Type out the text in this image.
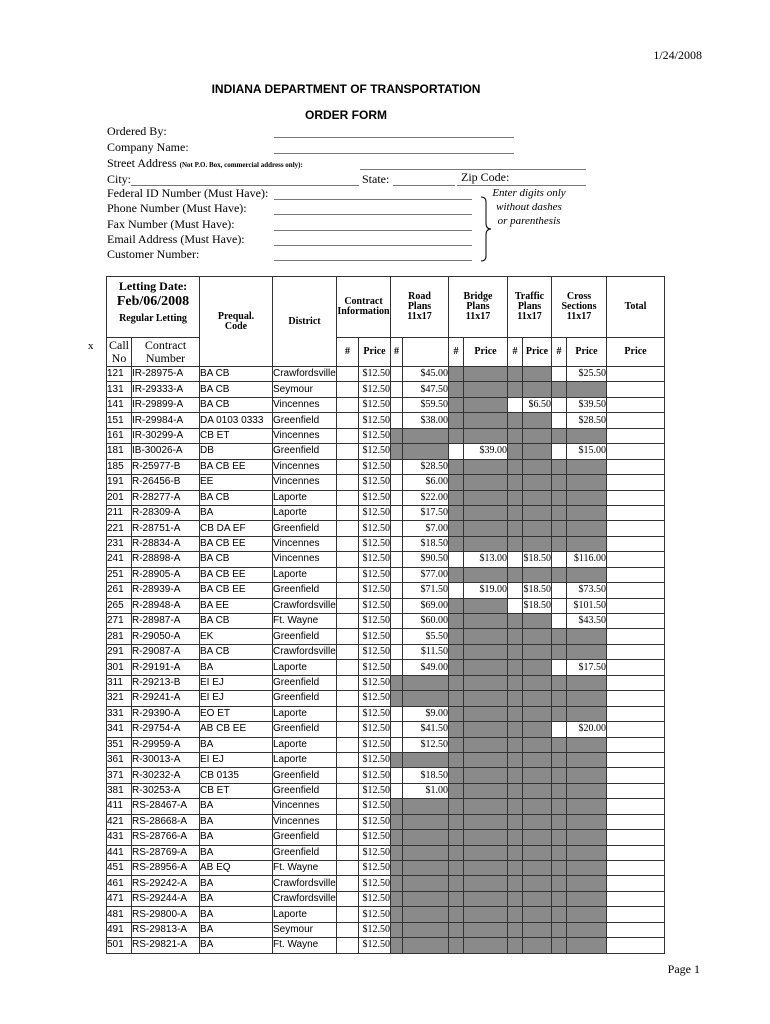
1/24/2008
INDIANA DEPARTMENT OF TRANSPORTATION
ORDER FORM
Ordered By:
Company Name:
Street Address (Not P.O. Box, commercial address only):
City:	State:	Zip Code:
Federal ID Number (Must Have):
Phone Number (Must Have):
Fax Number (Must Have):
Email Address (Must Have):
Customer Number:
Enter digits only
without dashes
or parenthesis
x
Letting Date:
Feb/06/2008
Regular Letting		Prequal. Code	District	Contract Information		Road Plans 11x17		Bridge Plans 11x17		Traffic Plans 11x17		Cross Sections 11x17		Total
Call No	Contract Number			#	Price	#		#	Price	#	Price	#	Price	Price
121	IR-28975-A	BA CB	Crawfordsville		$12.50		$45.00						$25.50	
131	IR-29333-A	BA CB	Seymour		$12.50		$47.50							
141	IR-29899-A	BA CB	Vincennes		$12.50		$59.50				$6.50		$39.50	
151	IR-29984-A	DA 0103 0333	Greenfield		$12.50		$38.00						$28.50	
161	IR-30299-A	CB ET	Vincennes		$12.50									
181	IB-30026-A	DB	Greenfield		$12.50				$39.00				$15.00	
185	R-25977-B	BA CB EE	Vincennes		$12.50		$28.50							
191	R-26456-B	EE	Vincennes		$12.50		$6.00							
201	R-28277-A	BA CB	Laporte		$12.50		$22.00							
211	R-28309-A	BA	Laporte		$12.50		$17.50							
221	R-28751-A	CB DA EF	Greenfield		$12.50		$7.00							
231	R-28834-A	BA CB EE	Vincennes		$12.50		$18.50							
241	R-28898-A	BA CB	Vincennes		$12.50		$90.50		$13.00		$18.50		$116.00	
251	R-28905-A	BA CB EE	Laporte		$12.50		$77.00							
261	R-28939-A	BA CB EE	Greenfield		$12.50		$71.50		$19.00		$18.50		$73.50	
265	R-28948-A	BA EE	Crawfordsville		$12.50		$69.00				$18.50		$101.50	
271	R-28987-A	BA CB	Ft. Wayne		$12.50		$60.00						$43.50	
281	R-29050-A	EK	Greenfield		$12.50		$5.50							
291	R-29087-A	BA CB	Crawfordsville		$12.50		$11.50							
301	R-29191-A	BA	Laporte		$12.50		$49.00						$17.50	
311	R-29213-B	EI EJ	Greenfield		$12.50									
321	R-29241-A	EI EJ	Greenfield		$12.50									
331	R-29390-A	EO ET	Laporte		$12.50		$9.00							
341	R-29754-A	AB CB EE	Greenfield		$12.50		$41.50						$20.00	
351	R-29959-A	BA	Laporte		$12.50		$12.50							
361	R-30013-A	EI EJ	Laporte		$12.50									
371	R-30232-A	CB 0135	Greenfield		$12.50		$18.50							
381	R-30253-A	CB ET	Greenfield		$12.50		$1.00							
411	RS-28467-A	BA	Vincennes		$12.50									
421	RS-28668-A	BA	Vincennes		$12.50									
431	RS-28766-A	BA	Greenfield		$12.50									
441	RS-28769-A	BA	Greenfield		$12.50									
451	RS-28956-A	AB EQ	Ft. Wayne		$12.50									
461	RS-29242-A	BA	Crawfordsville		$12.50									
471	RS-29244-A	BA	Crawfordsville		$12.50									
481	RS-29800-A	BA	Laporte		$12.50									
491	RS-29813-A	BA	Seymour		$12.50									
501	RS-29821-A	BA	Ft. Wayne		$12.50									
Page 1
